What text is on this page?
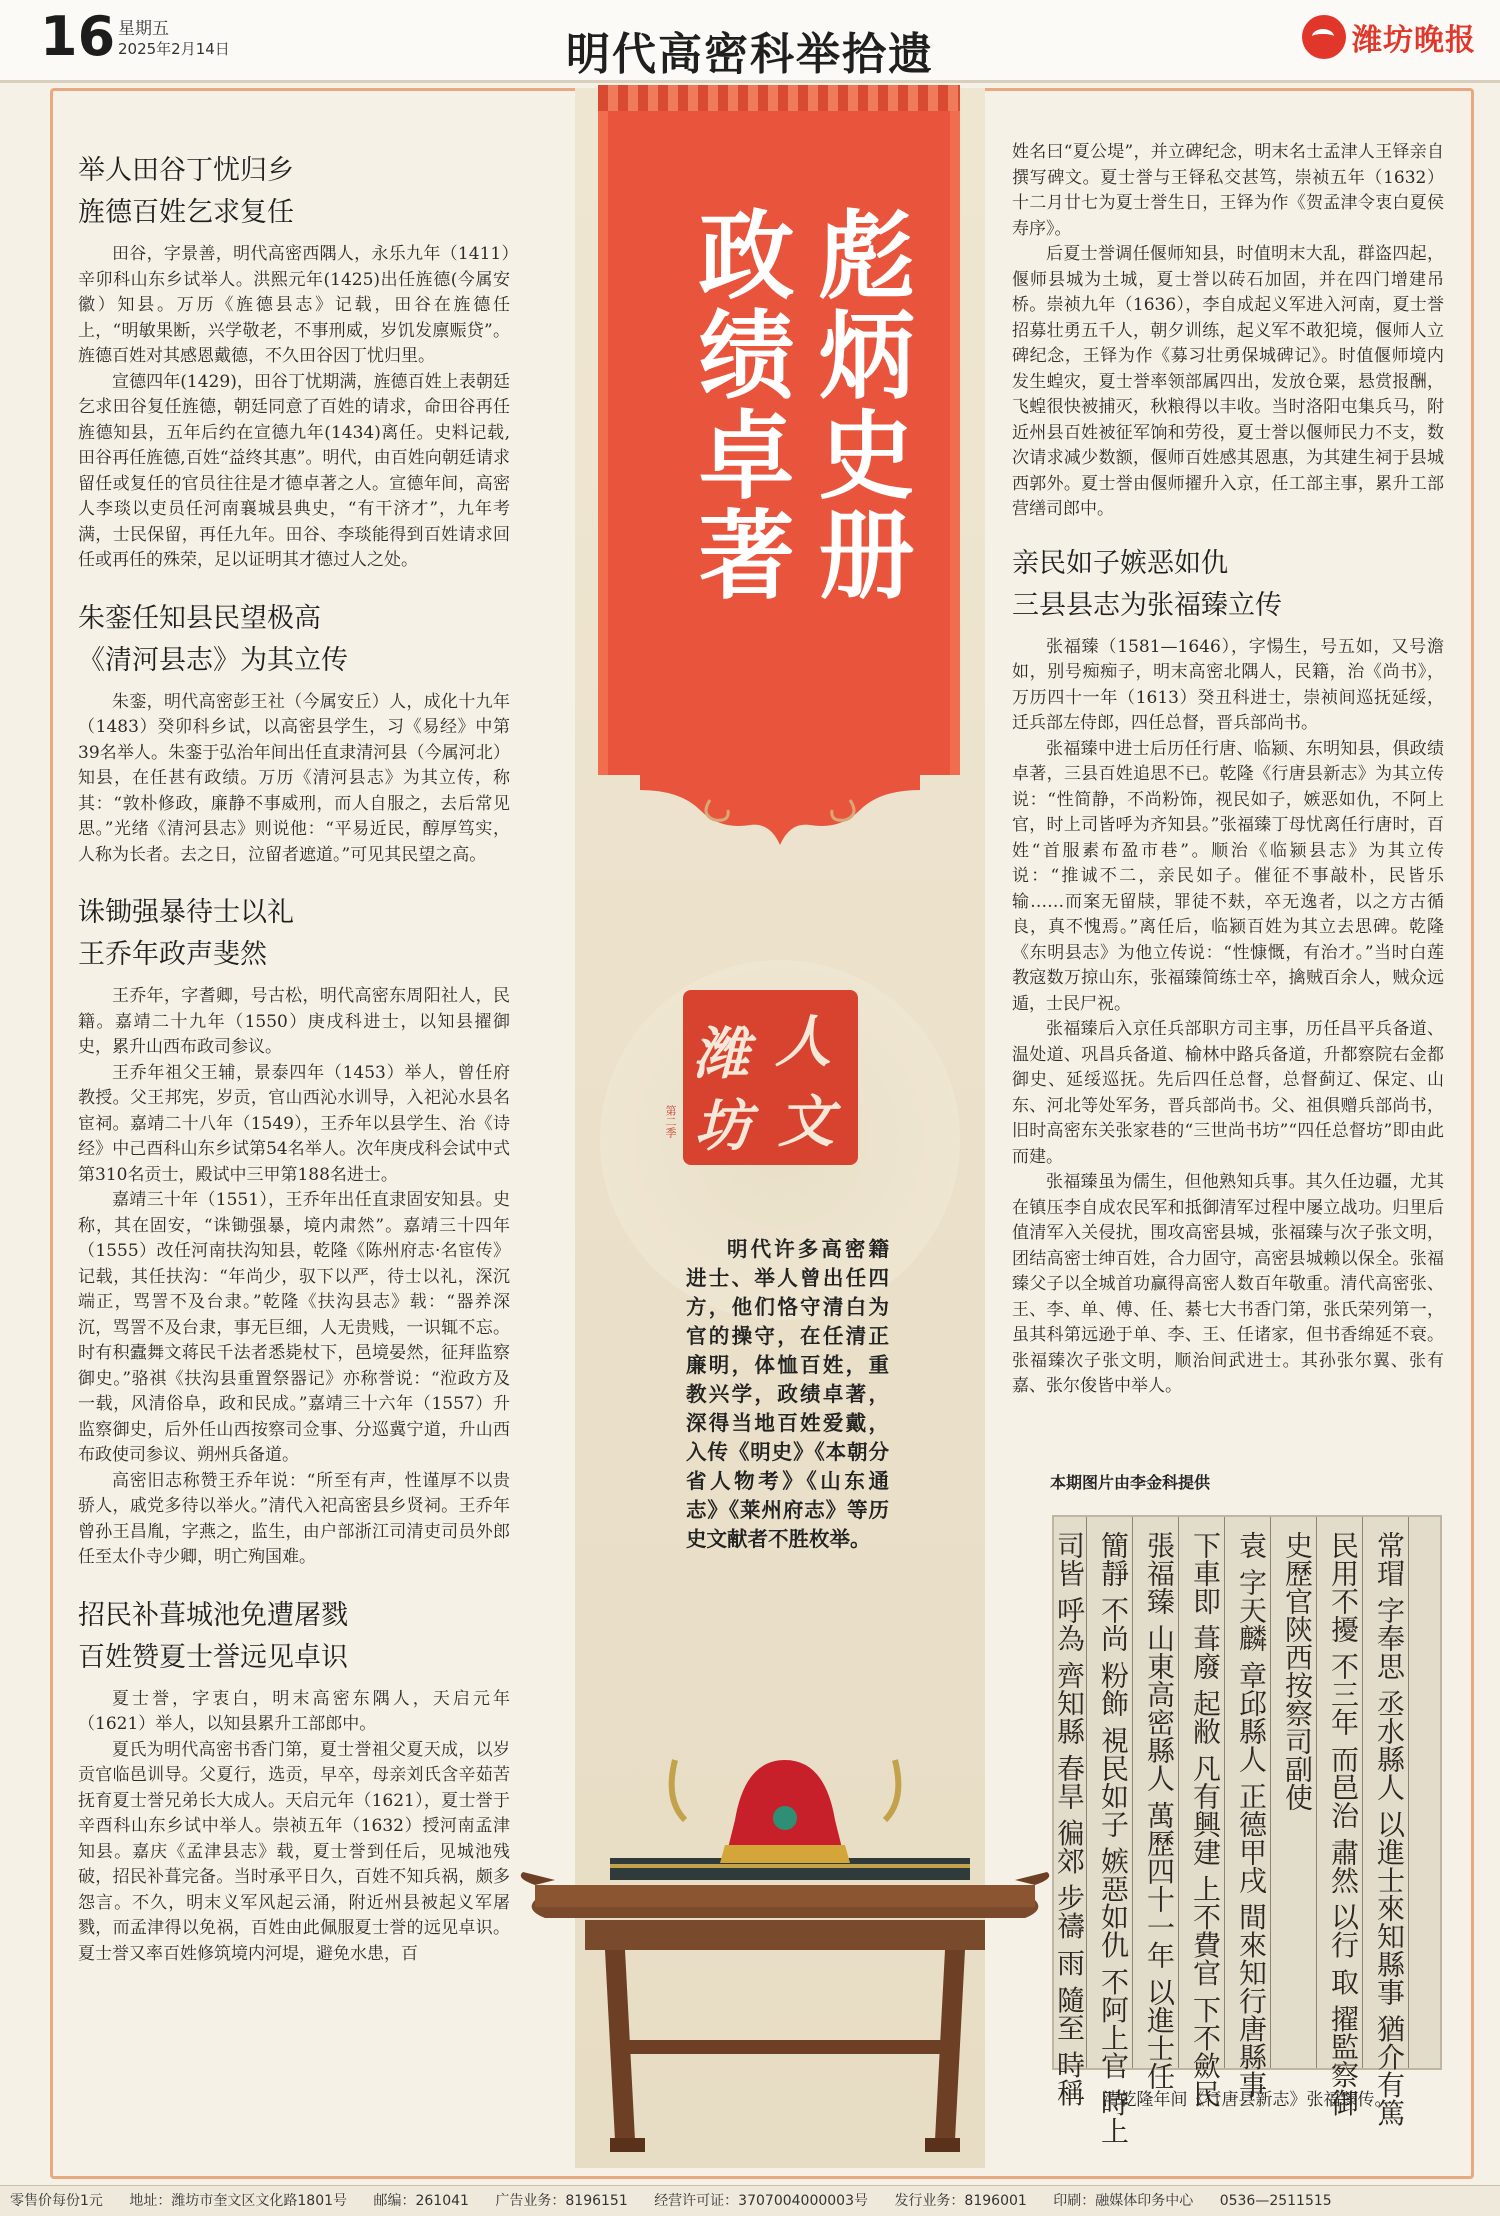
16 星期五
2025年2月14日	明代高密科举拾遗	潍坊晚报
彪炳史册
政绩卓著
潍
坊
人
文
第二季
明代许多高密籍进士、举人曾出任四方，他们恪守清白为官的操守，在任清正廉明，体恤百姓，重教兴学，政绩卓著，深得当地百姓爱戴，入传《明史》《本朝分省人物考》《山东通志》《莱州府志》等历史文献者不胜枚举。
举人田谷丁忧归乡
旌德百姓乞求复任

田谷，字景善，明代高密西隅人，永乐九年（1411）辛卯科山东乡试举人。洪熙元年(1425)出任旌德(今属安徽）知县。万历《旌德县志》记载，田谷在旌德任上，“明敏果断，兴学敬老，不事刑威，岁饥发廪赈贷”。旌德百姓对其感恩戴德，不久田谷因丁忧归里。

宣德四年(1429)，田谷丁忧期满，旌德百姓上表朝廷乞求田谷复任旌德，朝廷同意了百姓的请求，命田谷再任旌德知县，五年后约在宣德九年(1434)离任。史料记载,田谷再任旌德,百姓“益终其惠”。明代，由百姓向朝廷请求留任或复任的官员往往是才德卓著之人。宣德年间，高密人李琰以吏员任河南襄城县典史，“有干济才”，九年考满，士民保留，再任九年。田谷、李琰能得到百姓请求回任或再任的殊荣，足以证明其才德过人之处。

朱銮任知县民望极高
《清河县志》为其立传

朱銮，明代高密彭王社（今属安丘）人，成化十九年（1483）癸卯科乡试，以高密县学生，习《易经》中第39名举人。朱銮于弘治年间出任直隶清河县（今属河北）知县，在任甚有政绩。万历《清河县志》为其立传，称其：“敦朴修政，廉静不事威刑，而人自服之，去后常见思。”光绪《清河县志》则说他：“平易近民，醇厚笃实，人称为长者。去之日，泣留者遮道。”可见其民望之高。

诛锄强暴待士以礼
王乔年政声斐然

王乔年，字耆卿，号古松，明代高密东周阳社人，民籍。嘉靖二十九年（1550）庚戌科进士，以知县擢御史，累升山西布政司参议。

王乔年祖父王辅，景泰四年（1453）举人，曾任府教授。父王邦宪，岁贡，官山西沁水训导，入祀沁水县名宦祠。嘉靖二十八年（1549），王乔年以县学生、治《诗经》中己酉科山东乡试第54名举人。次年庚戌科会试中式第310名贡士，殿试中三甲第188名进士。

嘉靖三十年（1551），王乔年出任直隶固安知县。史称，其在固安，“诛锄强暴，境内肃然”。嘉靖三十四年（1555）改任河南扶沟知县，乾隆《陈州府志·名宦传》记载，其任扶沟：“年尚少，驭下以严，待士以礼，深沉端正，骂詈不及台隶。”乾隆《扶沟县志》载：“器养深沉，骂詈不及台隶，事无巨细，人无贵贱，一识辄不忘。时有积蠹舞文蒋民千法者悉毙杖下，邑境晏然，征拜监察御史。”骆祺《扶沟县重置祭器记》亦称誉说：“涖政方及一载，风清俗阜，政和民成。”嘉靖三十六年（1557）升监察御史，后外任山西按察司佥事、分巡冀宁道，升山西布政使司参议、朔州兵备道。

高密旧志称赞王乔年说：“所至有声，性谨厚不以贵骄人，戚党多待以举火。”清代入祀高密县乡贤祠。王乔年曾孙王昌胤，字燕之，监生，由户部浙江司清吏司员外郎任至太仆寺少卿，明亡殉国难。

招民补葺城池免遭屠戮
百姓赞夏士誉远见卓识

夏士誉，字衷白，明末高密东隅人，天启元年（1621）举人，以知县累升工部郎中。

夏氏为明代高密书香门第，夏士誉祖父夏天成，以岁贡官临邑训导。父夏行，选贡，早卒，母亲刘氏含辛茹苦抚育夏士誉兄弟长大成人。天启元年（1621），夏士誉于辛酉科山东乡试中举人。崇祯五年（1632）授河南孟津知县。嘉庆《孟津县志》载，夏士誉到任后，见城池残破，招民补葺完备。当时承平日久，百姓不知兵祸，颇多怨言。不久，明末义军风起云涌，附近州县被起义军屠戮，而孟津得以免祸，百姓由此佩服夏士誉的远见卓识。夏士誉又率百姓修筑境内河堤，避免水患，百

姓名曰“夏公堤”，并立碑纪念，明末名士孟津人王铎亲自撰写碑文。夏士誉与王铎私交甚笃，崇祯五年（1632）十二月廿七为夏士誉生日，王铎为作《贺孟津令衷白夏侯寿序》。

后夏士誉调任偃师知县，时值明末大乱，群盗四起，偃师县城为土城，夏士誉以砖石加固，并在四门增建吊桥。崇祯九年（1636），李自成起义军进入河南，夏士誉招募壮勇五千人，朝夕训练，起义军不敢犯境，偃师人立碑纪念，王铎为作《募习壮勇保城碑记》。时值偃师境内发生蝗灾，夏士誉率领部属四出，发放仓粟，悬赏报酬，飞蝗很快被捕灭，秋粮得以丰收。当时洛阳屯集兵马，附近州县百姓被征军饷和劳役，夏士誉以偃师民力不支，数次请求减少数额，偃师百姓感其恩惠，为其建生祠于县城西郭外。夏士誉由偃师擢升入京，任工部主事，累升工部营缮司郎中。

亲民如子嫉恶如仇
三县县志为张福臻立传

张福臻（1581—1646），字愓生，号五如，又号澹如，别号痴痴子，明末高密北隅人，民籍，治《尚书》，万历四十一年（1613）癸丑科进士，崇祯间巡抚延绥，迁兵部左侍郎，四任总督，晋兵部尚书。

张福臻中进士后历任行唐、临颍、东明知县，俱政绩卓著，三县百姓追思不已。乾隆《行唐县新志》为其立传说：“性简静，不尚粉饰，视民如子，嫉恶如仇，不阿上官，时上司皆呼为齐知县。”张福臻丁母忧离任行唐时，百姓“首服素布盈市巷”。顺治《临颍县志》为其立传说：“推诚不二，亲民如子。催征不事敲朴，民皆乐输……而案无留牍，罪徒不麸，卒无逸者，以之方古循良，真不愧焉。”离任后，临颍百姓为其立去思碑。乾隆《东明县志》为他立传说：“性慷慨，有治才。”当时白莲教寇数万掠山东，张福臻简练士卒，擒贼百余人，贼众远遁，士民尸祝。

张福臻后入京任兵部职方司主事，历任昌平兵备道、温处道、巩昌兵备道、榆林中路兵备道，升都察院右金都御史、延绥巡抚。先后四任总督，总督蓟辽、保定、山东、河北等处军务，晋兵部尚书。父、祖俱赠兵部尚书，旧时高密东关张家巷的“三世尚书坊”“四任总督坊”即由此而建。

张福臻虽为儒生，但他熟知兵事。其久任边疆，尤其在镇压李自成农民军和抵御清军过程中屡立战功。归里后值清军入关侵扰，围攻高密县城，张福臻与次子张文明，团结高密士绅百姓，合力固守，高密县城赖以保全。张福臻父子以全城首功赢得高密人数百年敬重。清代高密张、王、李、单、傅、任、綦七大书香门第，张氏荣列第一，虽其科第远逊于单、李、王、任诸家，但书香绵延不衰。张福臻次子张文明，顺治间武进士。其孙张尔翼、张有嘉、张尔俊皆中举人。

本期图片由李金科提供
常瑁 字奉思 丞水縣人 以進士來知縣事 猶介有篤
民用不擾 不三年 而邑治 肅然 以行 取 擢監察御
史歷官陝西按察司副使
袁 字天麟 章邱縣人 正德甲戌 間來知行唐縣事
下車即 葺廢 起敝 凡有興建 上不費官 下不歛民
張福臻 山東高密縣人 萬歷四十一年 以進士任
簡靜 不尚 粉飾 視民如子 嫉惡如仇 不阿上官 時上
司皆 呼為 齊知縣 春旱 徧郊 步禱 雨 隨至 時稱 清乾隆年间《行唐县新志》张福臻传。
零售价每份1元 地址：潍坊市奎文区文化路1801号 邮编：261041 广告业务：8196151 经营许可证：3707004000003号 发行业务：8196001 印刷：融媒体印务中心 0536—2511515
